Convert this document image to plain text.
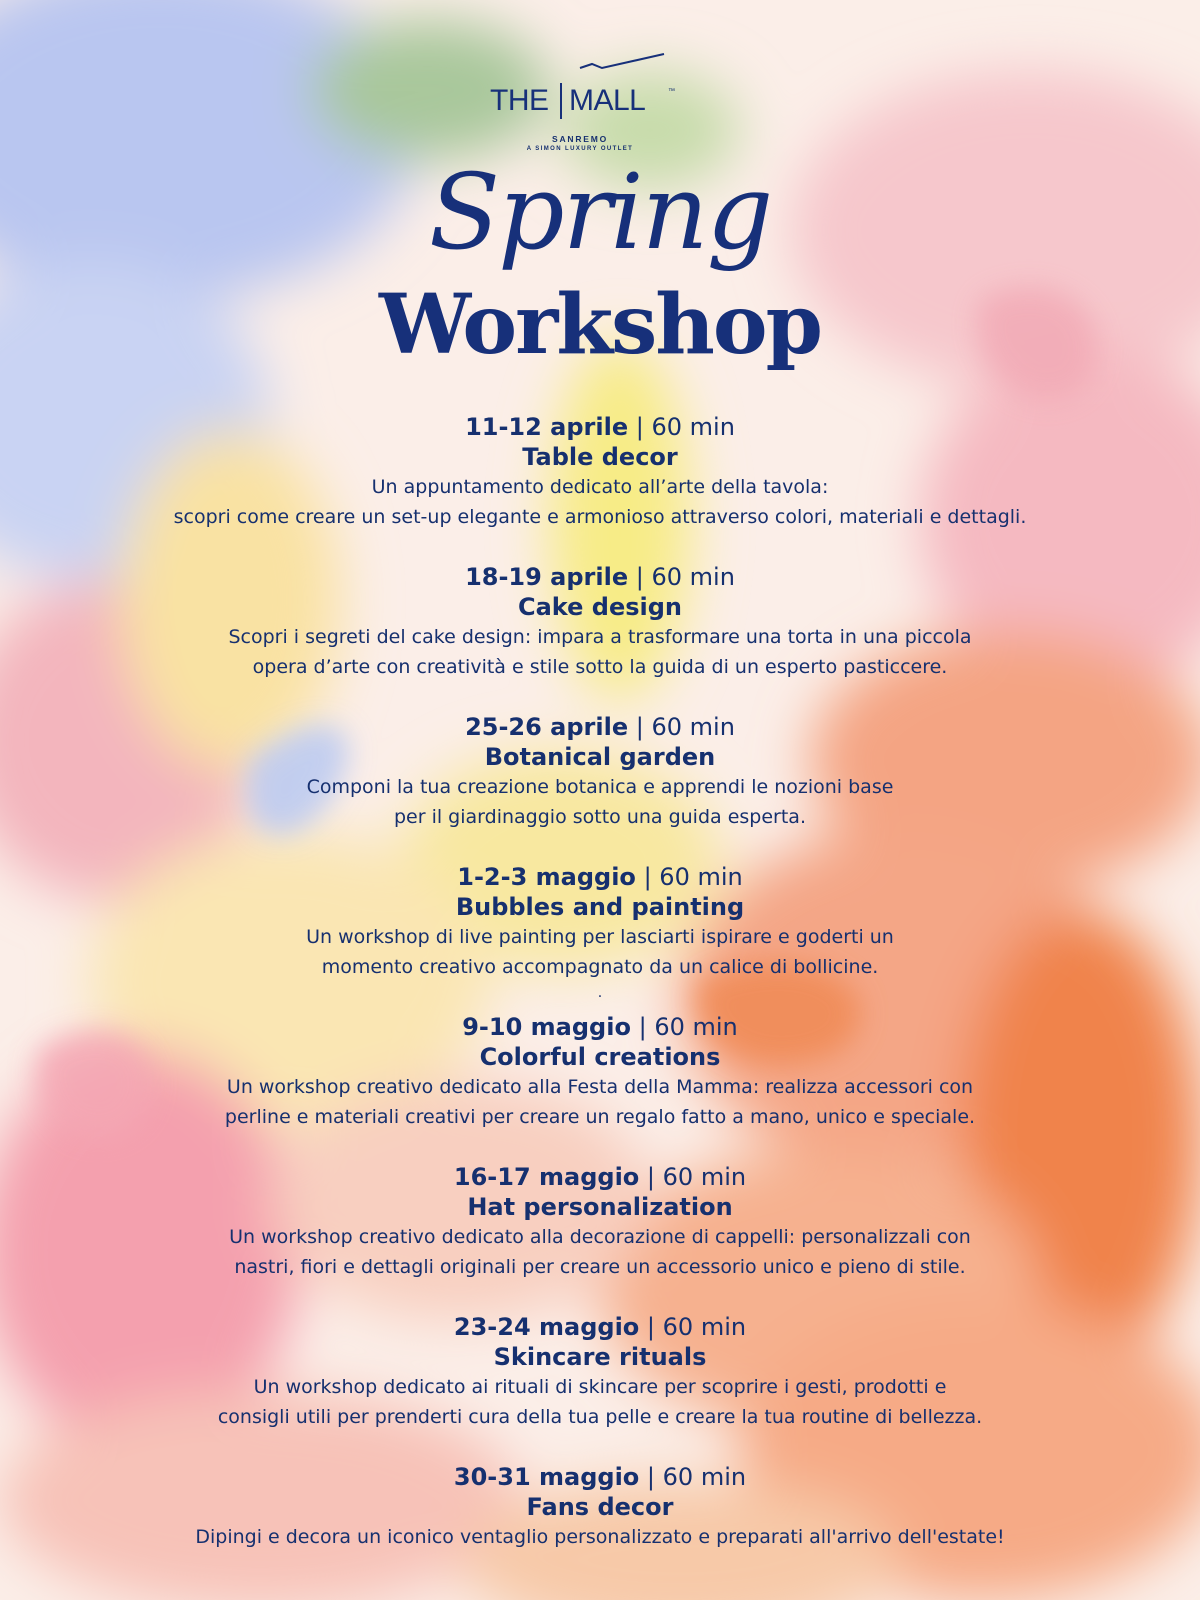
THE MALL	™
SANREMO
A SIMON LUXURY OUTLET
Spring
Workshop
11-12 aprile | 60 min
Table decor
Un appuntamento dedicato all’arte della tavola:
scopri come creare un set-up elegante e armonioso attraverso colori, materiali e dettagli.
18-19 aprile | 60 min
Cake design
Scopri i segreti del cake design: impara a trasformare una torta in una piccola
opera d’arte con creatività e stile sotto la guida di un esperto pasticcere.
25-26 aprile | 60 min
Botanical garden
Componi la tua creazione botanica e apprendi le nozioni base
per il giardinaggio sotto una guida esperta.
1-2-3 maggio | 60 min
Bubbles and painting
Un workshop di live painting per lasciarti ispirare e goderti un
momento creativo accompagnato da un calice di bollicine.
9-10 maggio | 60 min
Colorful creations
Un workshop creativo dedicato alla Festa della Mamma: realizza accessori con
perline e materiali creativi per creare un regalo fatto a mano, unico e speciale.
16-17 maggio | 60 min
Hat personalization
Un workshop creativo dedicato alla decorazione di cappelli: personalizzali con
nastri, fiori e dettagli originali per creare un accessorio unico e pieno di stile.
23-24 maggio | 60 min
Skincare rituals
Un workshop dedicato ai rituali di skincare per scoprire i gesti, prodotti e
consigli utili per prenderti cura della tua pelle e creare la tua routine di bellezza.
30-31 maggio | 60 min
Fans decor
Dipingi e decora un iconico ventaglio personalizzato e preparati all'arrivo dell'estate!
.
